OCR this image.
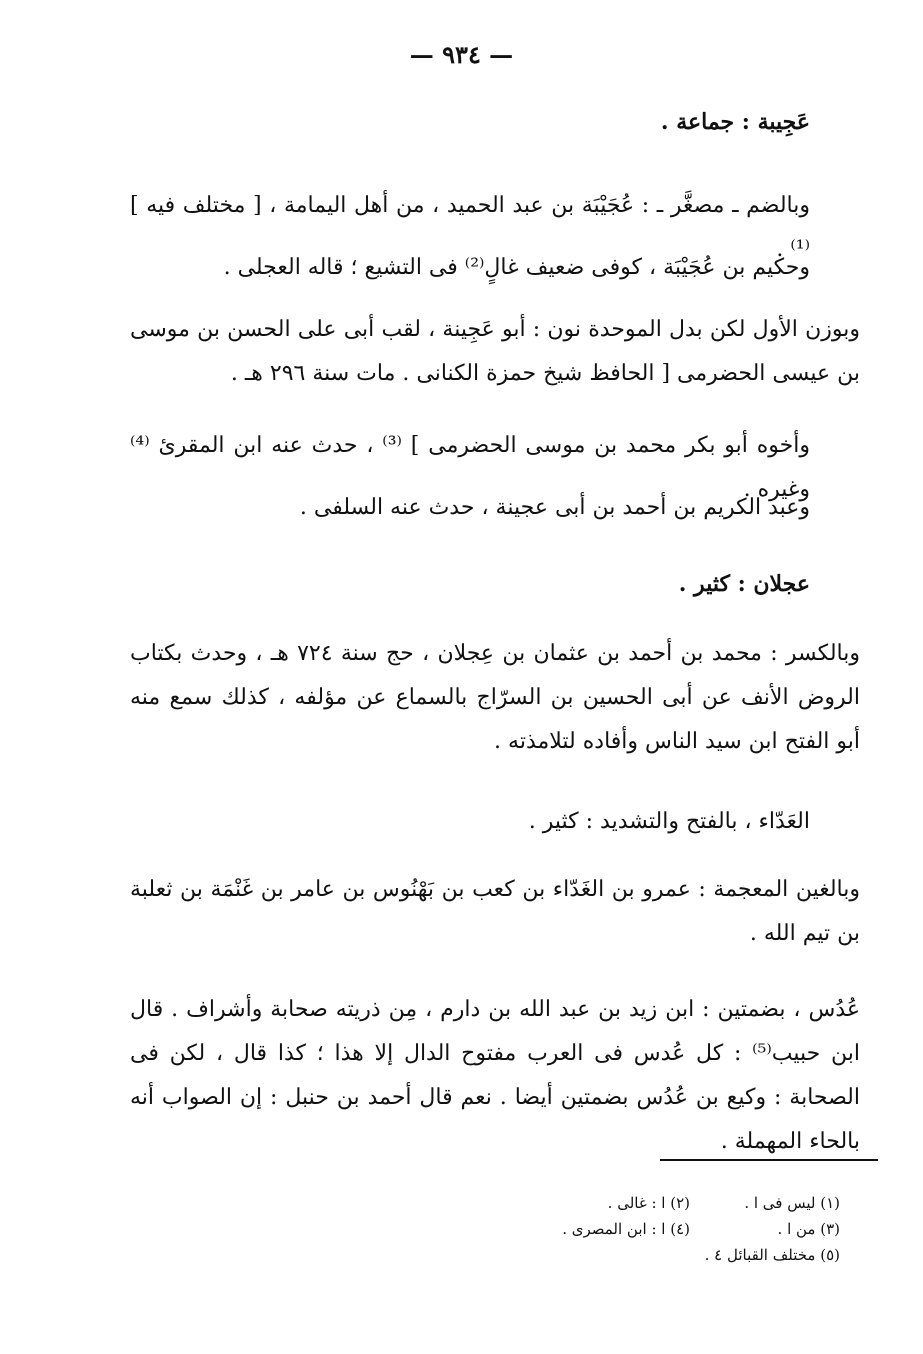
— ٩٣٤ —

عَجِيبة : جماعة .

وبالضم ـ مصغَّر ـ : عُجَيْبَة بن عبد الحميد ، من أهل اليمامة ، [ مختلف فيه ] ⁽¹⁾ .

وحكيم بن عُجَيْبَة ، كوفى ضعيف غالٍ⁽²⁾ فى التشيع ؛ قاله العجلى .

وبوزن الأول لكن بدل الموحدة نون : أبو عَجِينة ، لقب أبى على الحسن بن موسى بن عيسى الحضرمى [ الحافظ شيخ حمزة الكنانى . مات سنة ٢٩٦ هـ .

وأخوه أبو بكر محمد بن موسى الحضرمى ] ⁽³⁾ ، حدث عنه ابن المقرئ ⁽⁴⁾ وغيره .

وعبد الكريم بن أحمد بن أبى عجينة ، حدث عنه السلفى .

عجلان : كثير .

وبالكسر : محمد بن أحمد بن عثمان بن عِجلان ، حج سنة ٧٢٤ هـ ، وحدث بكتاب الروض الأنف عن أبى الحسين بن السرّاج بالسماع عن مؤلفه ، كذلك سمع منه أبو الفتح ابن سيد الناس وأفاده لتلامذته .

العَدّاء ، بالفتح والتشديد : كثير .

وبالغين المعجمة : عمرو بن الغَدّاء بن كعب بن بَهْنُوس بن عامر بن غَنْمَة بن ثعلبة بن تيم الله .

عُدُس ، بضمتين : ابن زيد بن عبد الله بن دارم ، مِن ذريته صحابة وأشراف . قال ابن حبيب⁽⁵⁾ : كل عُدس فى العرب مفتوح الدال إلا هذا ؛ كذا قال ، لكن فى الصحابة : وكيع بن عُدُس بضمتين أيضا . نعم قال أحمد بن حنبل : إن الصواب أنه بالحاء المهملة .

(١) ليس فى ا .
(٢) ا : غالى .
(٣) من ا .
(٤) ا : ابن المصرى .
(٥) مختلف القبائل ٤ .
